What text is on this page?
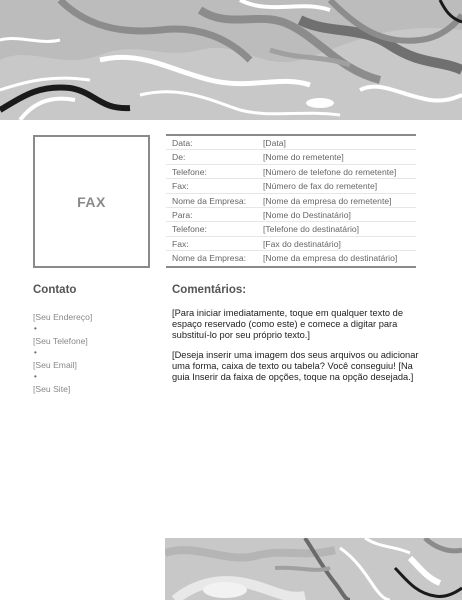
FAX
Data:	[Data]
De:	[Nome do remetente]
Telefone:	[Número de telefone do remetente]
Fax:	[Número de fax do remetente]
Nome da Empresa:	[Nome da empresa do remetente]
Para:	[Nome do Destinatário]
Telefone:	[Telefone do destinatário]
Fax:	[Fax do destinatário]
Nome da Empresa:	[Nome da empresa do destinatário]
Contato
[Seu Endereço]
•
[Seu Telefone]
•
[Seu Email]
•
[Seu Site]
Comentários:

[Para iniciar imediatamente, toque em qualquer texto de espaço reservado (como este) e comece a digitar para substituí-lo por seu próprio texto.]

[Deseja inserir uma imagem dos seus arquivos ou adicionar uma forma, caixa de texto ou tabela? Você conseguiu! [Na guia Inserir da faixa de opções, toque na opção desejada.]
